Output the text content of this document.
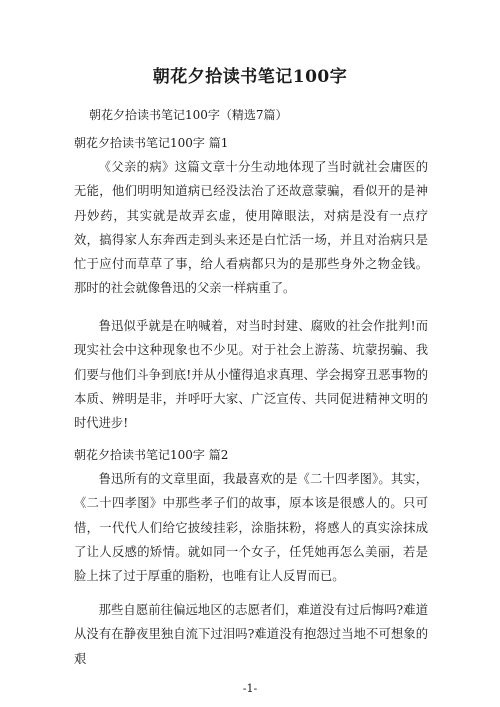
朝花夕拾读书笔记100字
朝花夕拾读书笔记100字（精选7篇）
朝花夕拾读书笔记100字 篇1

《父亲的病》这篇文章十分生动地体现了当时就社会庸医的无能，他们明明知道病已经没法治了还故意蒙骗，看似开的是神丹妙药，其实就是故弄玄虚，使用障眼法，对病是没有一点疗效，搞得家人东奔西走到头来还是白忙活一场，并且对治病只是忙于应付而草草了事，给人看病都只为的是那些身外之物金钱。那时的社会就像鲁迅的父亲一样病重了。

鲁迅似乎就是在呐喊着，对当时封建、腐败的社会作批判!而现实社会中这种现象也不少见。对于社会上游荡、坑蒙拐骗、我们要与他们斗争到底!并从小懂得追求真理、学会揭穿丑恶事物的本质、辨明是非，并呼吁大家、广泛宣传、共同促进精神文明的时代进步!

朝花夕拾读书笔记100字 篇2

鲁迅所有的文章里面，我最喜欢的是《二十四孝图》。其实，《二十四孝图》中那些孝子们的故事，原本该是很感人的。只可惜，一代代人们给它披绫挂彩，涂脂抹粉，将感人的真实涂抹成了让人反感的矫情。就如同一个女子，任凭她再怎么美丽，若是脸上抹了过于厚重的脂粉，也唯有让人反胃而已。

那些自愿前往偏远地区的志愿者们，难道没有过后悔吗?难道从没有在静夜里独自流下过泪吗?难道没有抱怨过当地不可想象的艰

-1-
